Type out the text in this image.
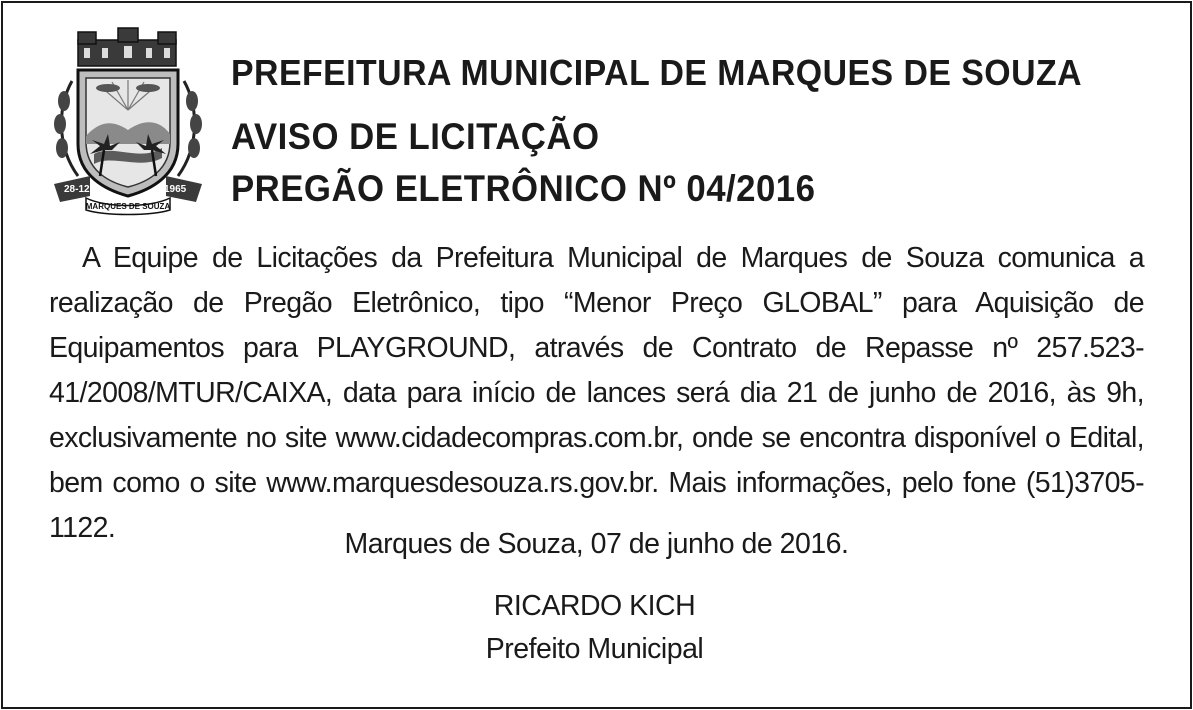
28-12	1965
MARQUES DE SOUZA
PREFEITURA MUNICIPAL DE MARQUES DE SOUZA
AVISO DE LICITAÇÃO
PREGÃO ELETRÔNICO Nº 04/2016

A Equipe de Licitações da Prefeitura Municipal de Marques de Souza comunica a realização de Pregão Eletrônico, tipo “Menor Preço GLOBAL” para Aquisição de Equipamentos para PLAYGROUND, através de Contrato de Repasse nº 257.523-41/2008/MTUR/CAIXA, data para início de lances será dia 21 de junho de 2016, às 9h, exclusivamente no site www.cidadecompras.com.br, onde se encontra disponível o Edital, bem como o site www.marquesdesouza.rs.gov.br. Mais informações, pelo fone (51)3705-1122.	Marques de Souza, 07 de junho de 2016.
RICARDO KICH
Prefeito Municipal
